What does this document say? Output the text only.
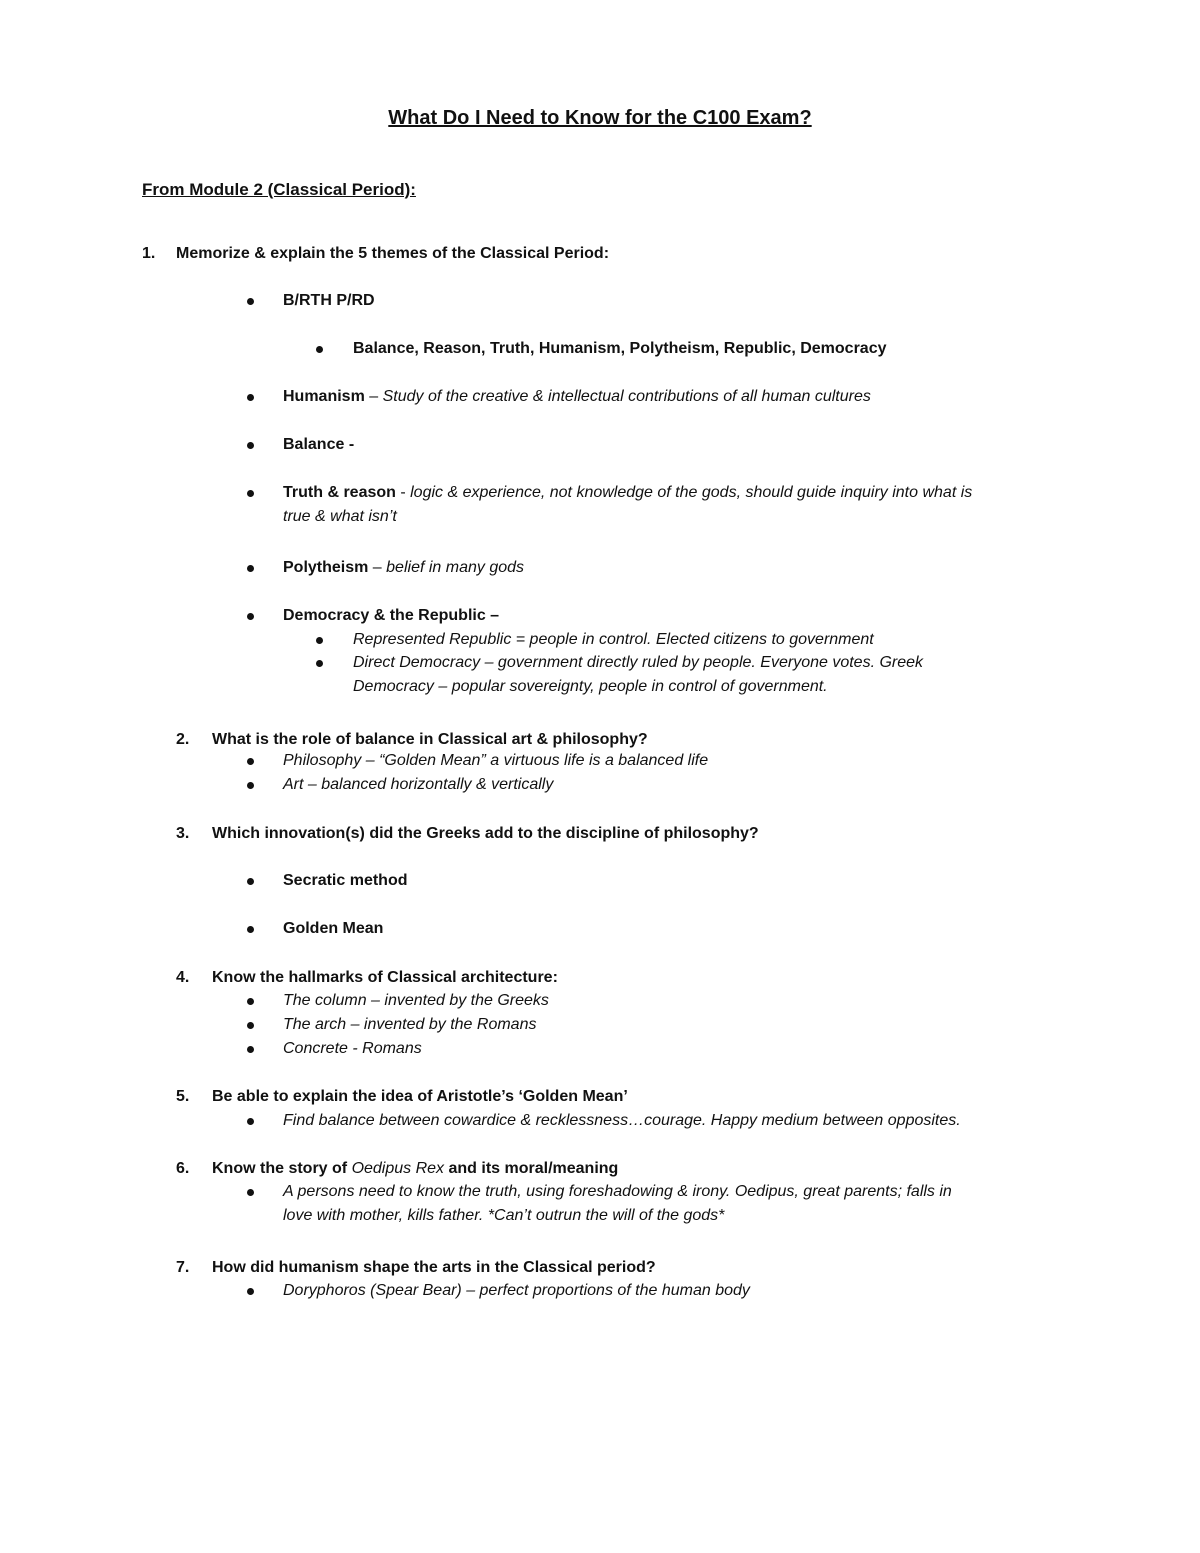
What Do I Need to Know for the C100 Exam?
From Module 2 (Classical Period):
1. Memorize & explain the 5 themes of the Classical Period:
B/RTH P/RD
Balance, Reason, Truth, Humanism, Polytheism, Republic, Democracy
Humanism – Study of the creative & intellectual contributions of all human cultures
Balance -
Truth & reason - logic & experience, not knowledge of the gods, should guide inquiry into what is
true & what isn’t
Polytheism – belief in many gods
Democracy & the Republic –
Represented Republic = people in control. Elected citizens to government
Direct Democracy – government directly ruled by people. Everyone votes. Greek
Democracy – popular sovereignty, people in control of government.
2. What is the role of balance in Classical art & philosophy?
Philosophy – “Golden Mean” a virtuous life is a balanced life
Art – balanced horizontally & vertically
3. Which innovation(s) did the Greeks add to the discipline of philosophy?
Secratic method
Golden Mean
4. Know the hallmarks of Classical architecture:
The column – invented by the Greeks
The arch – invented by the Romans
Concrete - Romans
5. Be able to explain the idea of Aristotle’s ‘Golden Mean’
Find balance between cowardice & recklessness…courage. Happy medium between opposites.
6. Know the story of Oedipus Rex and its moral/meaning
A persons need to know the truth, using foreshadowing & irony. Oedipus, great parents; falls in
love with mother, kills father. *Can’t outrun the will of the gods*
7. How did humanism shape the arts in the Classical period?
Doryphoros (Spear Bear) – perfect proportions of the human body
